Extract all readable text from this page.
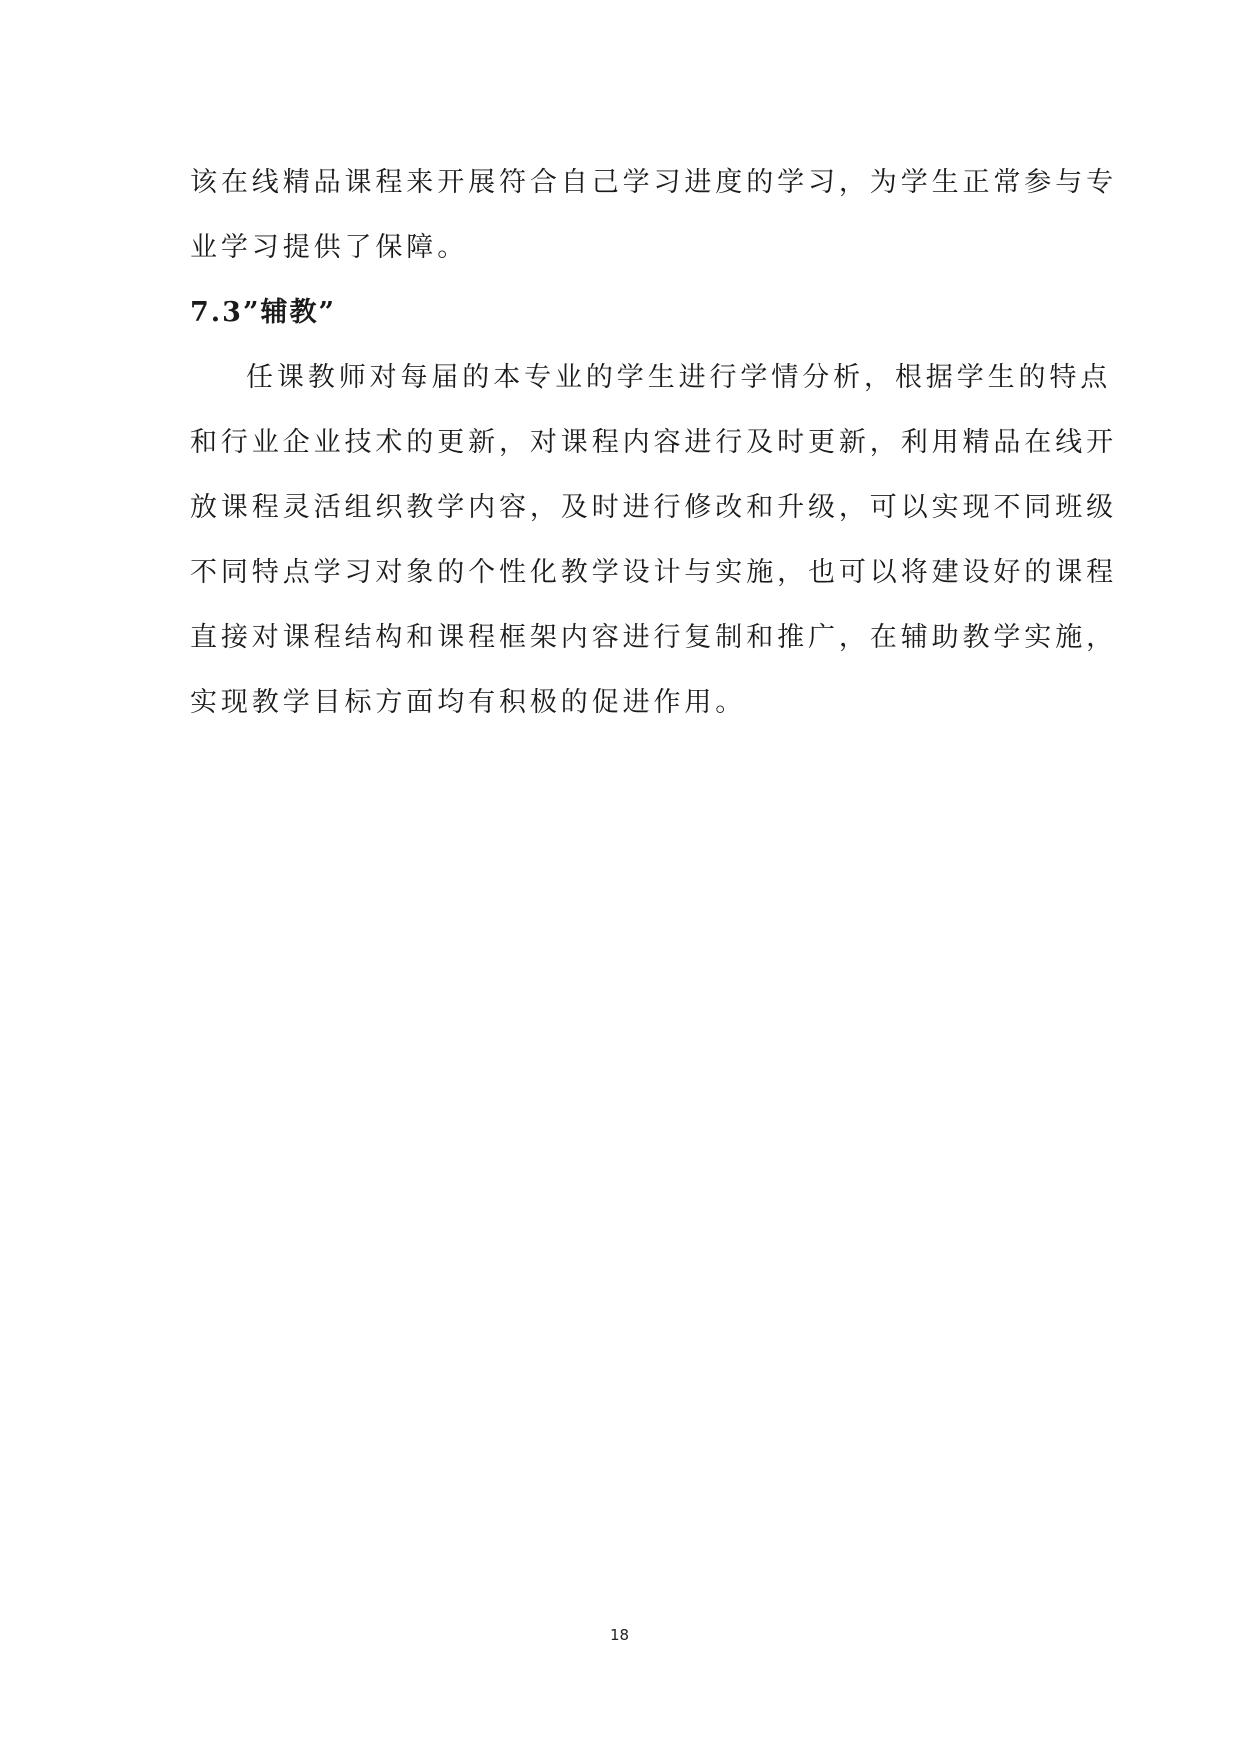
该在线精品课程来开展符合自己学习进度的学习，为学生正常参与专
业学习提供了保障。
7.3”辅教”
任课教师对每届的本专业的学生进行学情分析，根据学生的特点
和行业企业技术的更新，对课程内容进行及时更新，利用精品在线开
放课程灵活组织教学内容，及时进行修改和升级，可以实现不同班级
不同特点学习对象的个性化教学设计与实施，也可以将建设好的课程
直接对课程结构和课程框架内容进行复制和推广，在辅助教学实施，
实现教学目标方面均有积极的促进作用。
18
